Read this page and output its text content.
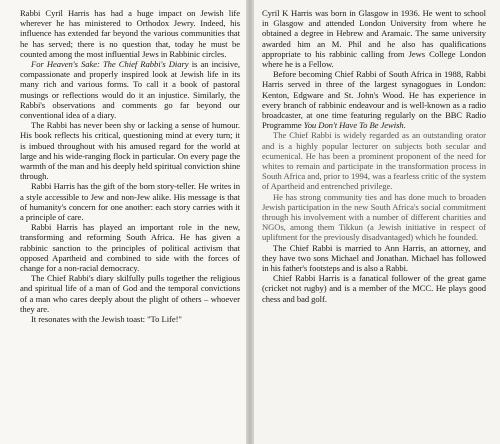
Rabbi Cyril Harris has had a huge impact on Jewish life wherever he has ministered to Orthodox Jewry. Indeed, his influence has extended far beyond the various communities that he has served; there is no question that, today he must be counted among the most influential Jews in Rabbinic circles.

For Heaven's Sake: The Chief Rabbi's Diary is an incisive, compassionate and properly inspired look at Jewish life in its many rich and various forms. To call it a book of pastoral musings or reflections would do it an injustice. Similarly, the Rabbi's observations and comments go far beyond our conventional idea of a diary.

The Rabbi has never been shy or lacking a sense of humour. His book reflects his critical, questioning mind at every turn; it is imbued throughout with his amused regard for the world at large and his wide-ranging flock in particular. On every page the warmth of the man and his deeply held spiritual conviction shine through.

Rabbi Harris has the gift of the born story-teller. He writes in a style accessible to Jew and non-Jew alike. His message is that of humanity's concern for one another: each story carries with it a principle of care.

Rabbi Harris has played an important role in the new, transforming and reforming South Africa. He has given a rabbinic sanction to the principles of political activism that opposed Apartheid and combined to side with the forces of change for a non-racial democracy.

The Chief Rabbi's diary skilfully pulls together the religious and spiritual life of a man of God and the temporal convictions of a man who cares deeply about the plight of others – whoever they are.

It resonates with the Jewish toast: "To Life!"

Cyril K Harris was born in Glasgow in 1936. He went to school in Glasgow and attended London University from where he obtained a degree in Hebrew and Aramaic. The same university awarded him an M. Phil and he also has qualifications appropriate to his rabbinic calling from Jews College London where he is a Fellow.

Before becoming Chief Rabbi of South Africa in 1988, Rabbi Harris served in three of the largest synagogues in London: Kenton, Edgware and St. John's Wood. He has experience in every branch of rabbinic endeavour and is well-known as a radio broadcaster, at one time featuring regularly on the BBC Radio Programme You Don't Have To Be Jewish.

The Chief Rabbi is widely regarded as an outstanding orator and is a highly popular lecturer on subjects both secular and ecumenical. He has been a prominent proponent of the need for whites to remain and participate in the transformation process in South Africa and, prior to 1994, was a fearless critic of the system of Apartheid and entrenched privilege.

He has strong community ties and has done much to broaden Jewish participation in the new South Africa's social commitment through his involvement with a number of different charities and NGOs, among them Tikkun (a Jewish initiative in respect of upliftment for the previously disadvantaged) which he founded.

The Chief Rabbi is married to Ann Harris, an attorney, and they have two sons Michael and Jonathan. Michael has followed in his father's footsteps and is also a Rabbi.

Chief Rabbi Harris is a fanatical follower of the great game (cricket not rugby) and is a member of the MCC. He plays good chess and bad golf.
